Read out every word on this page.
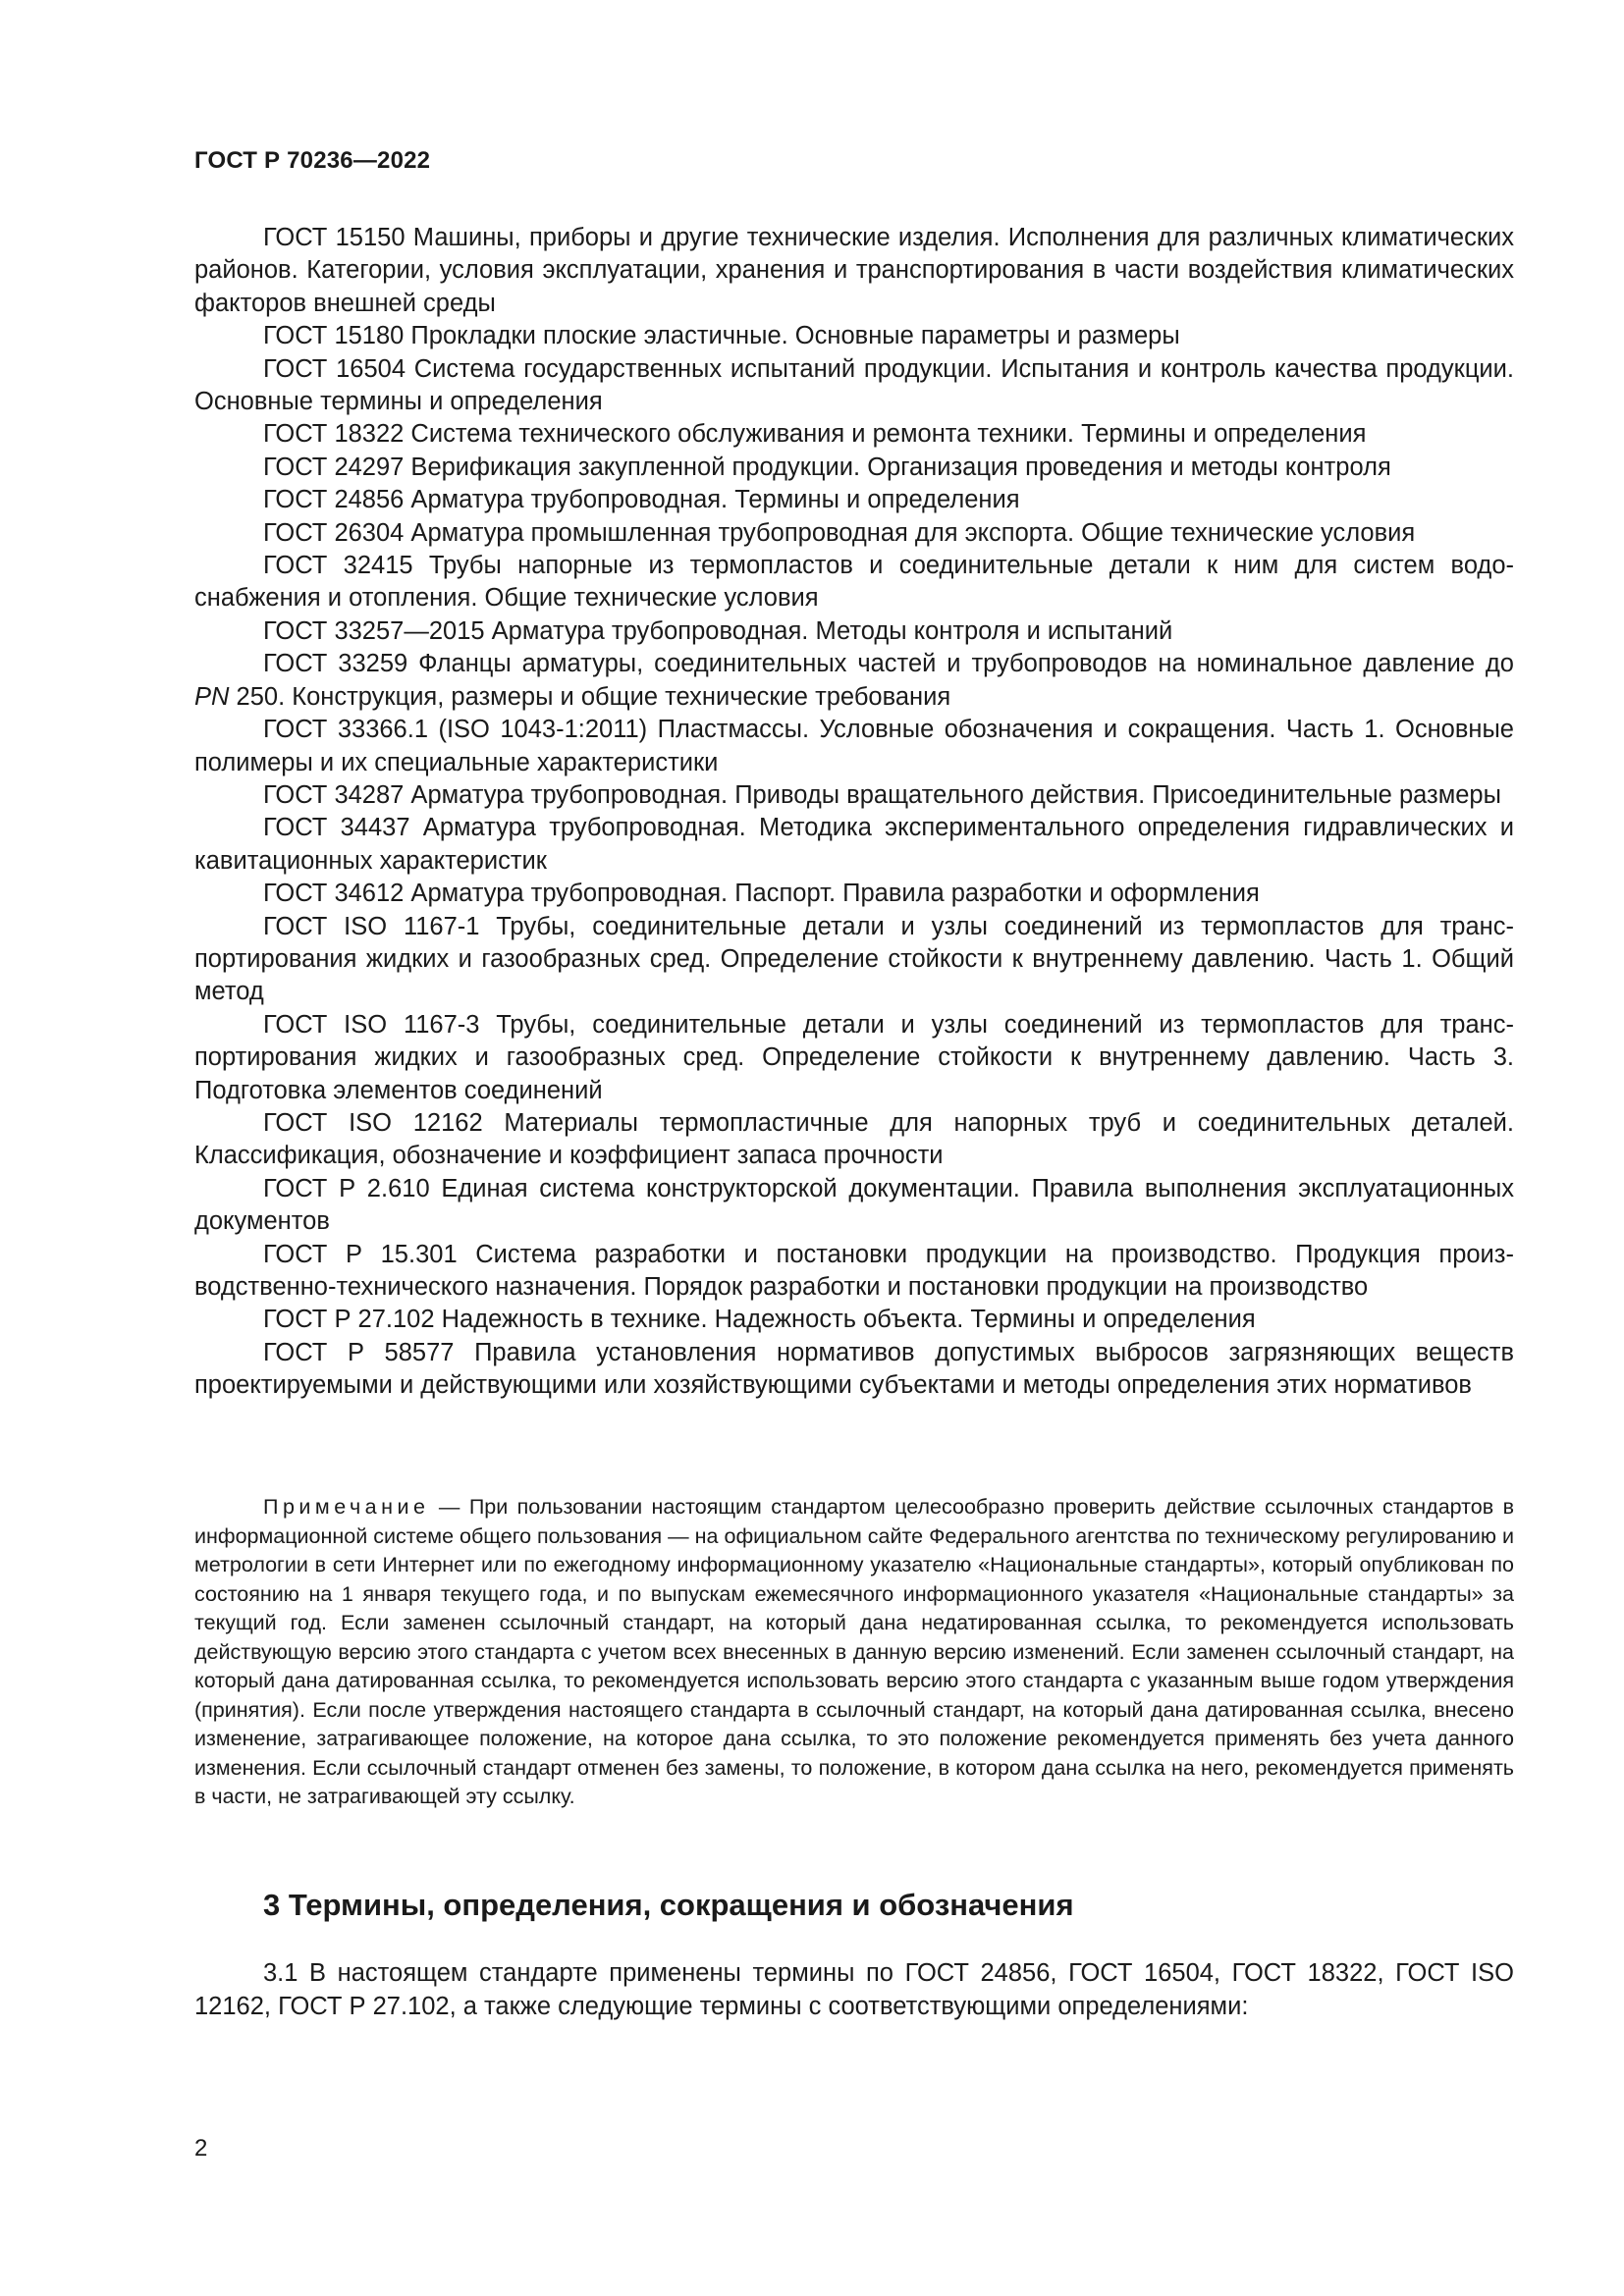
ГОСТ Р 70236—2022

ГОСТ 15150 Машины, приборы и другие технические изделия. Исполнения для различных климатических районов. Категории, условия эксплуатации, хранения и транспортирования в части воздействия климатических факторов внешней среды

ГОСТ 15180 Прокладки плоские эластичные. Основные параметры и размеры

ГОСТ 16504 Система государственных испытаний продукции. Испытания и контроль качества продукции. Основные термины и определения

ГОСТ 18322 Система технического обслуживания и ремонта техники. Термины и определения

ГОСТ 24297 Верификация закупленной продукции. Организация проведения и методы контроля

ГОСТ 24856 Арматура трубопроводная. Термины и определения

ГОСТ 26304 Арматура промышленная трубопроводная для экспорта. Общие технические условия

ГОСТ 32415 Трубы напорные из термопластов и соединительные детали к ним для систем водоснабжения и отопления. Общие технические условия

ГОСТ 33257—2015 Арматура трубопроводная. Методы контроля и испытаний

ГОСТ 33259 Фланцы арматуры, соединительных частей и трубопроводов на номинальное давление до PN 250. Конструкция, размеры и общие технические требования

ГОСТ 33366.1 (ISO 1043-1:2011) Пластмассы. Условные обозначения и сокращения. Часть 1. Основные полимеры и их специальные характеристики

ГОСТ 34287 Арматура трубопроводная. Приводы вращательного действия. Присоединительные размеры

ГОСТ 34437 Арматура трубопроводная. Методика экспериментального определения гидравлических и кавитационных характеристик

ГОСТ 34612 Арматура трубопроводная. Паспорт. Правила разработки и оформления

ГОСТ ISO 1167-1 Трубы, соединительные детали и узлы соединений из термопластов для транспортирования жидких и газообразных сред. Определение стойкости к внутреннему давлению. Часть 1. Общий метод

ГОСТ ISO 1167-3 Трубы, соединительные детали и узлы соединений из термопластов для транспортирования жидких и газообразных сред. Определение стойкости к внутреннему давлению. Часть 3. Подготовка элементов соединений

ГОСТ ISO 12162 Материалы термопластичные для напорных труб и соединительных деталей. Классификация, обозначение и коэффициент запаса прочности

ГОСТ Р 2.610 Единая система конструкторской документации. Правила выполнения эксплуатационных документов

ГОСТ Р 15.301 Система разработки и постановки продукции на производство. Продукция производственно-технического назначения. Порядок разработки и постановки продукции на производство

ГОСТ Р 27.102 Надежность в технике. Надежность объекта. Термины и определения

ГОСТ Р 58577 Правила установления нормативов допустимых выбросов загрязняющих веществ проектируемыми и действующими или хозяйствующими субъектами и методы определения этих нормативов

Примечание — При пользовании настоящим стандартом целесообразно проверить действие ссылочных стандартов в информационной системе общего пользования — на официальном сайте Федерального агентства по техническому регулированию и метрологии в сети Интернет или по ежегодному информационному указателю «Национальные стандарты», который опубликован по состоянию на 1 января текущего года, и по выпускам ежемесячного информационного указателя «Национальные стандарты» за текущий год. Если заменен ссылочный стандарт, на который дана недатированная ссылка, то рекомендуется использовать действующую версию этого стандарта с учетом всех внесенных в данную версию изменений. Если заменен ссылочный стандарт, на который дана датированная ссылка, то рекомендуется использовать версию этого стандарта с указанным выше годом утверждения (принятия). Если после утверждения настоящего стандарта в ссылочный стандарт, на который дана датированная ссылка, внесено изменение, затрагивающее положение, на которое дана ссылка, то это положение рекомендуется применять без учета данного изменения. Если ссылочный стандарт отменен без замены, то положение, в котором дана ссылка на него, рекомендуется применять в части, не затрагивающей эту ссылку.

3 Термины, определения, сокращения и обозначения

3.1 В настоящем стандарте применены термины по ГОСТ 24856, ГОСТ 16504, ГОСТ 18322, ГОСТ ISO 12162, ГОСТ Р 27.102, а также следующие термины с соответствующими определениями:

2
